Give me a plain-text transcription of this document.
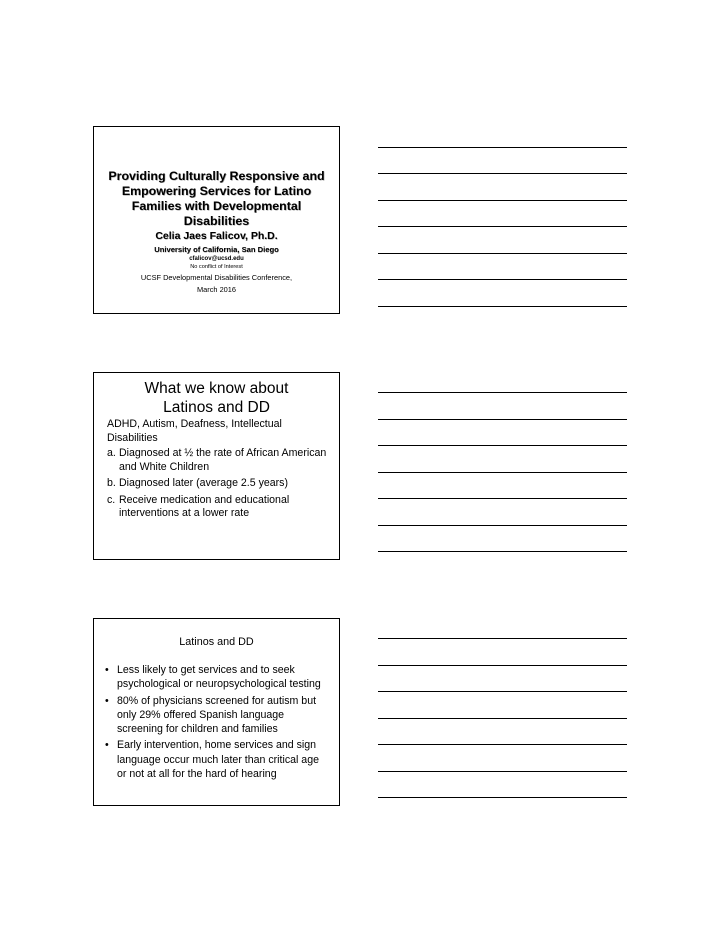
Providing Culturally Responsive and Empowering Services for Latino Families with Developmental Disabilities
Celia Jaes Falicov, Ph.D.
University of California, San Diego
cfalicov@ucsd.edu
No conflict of Interest
UCSF Developmental Disabilities Conference,
March 2016
What we know about
Latinos and DD
ADHD, Autism, Deafness, Intellectual Disabilities
a. Diagnosed at ½ the rate of African American and White Children
b. Diagnosed later (average 2.5 years)
c. Receive medication and educational interventions at a lower rate
Latinos and DD
• Less likely to get services and to seek psychological or neuropsychological testing
• 80% of physicians screened for autism but only 29% offered Spanish language screening for children and families
• Early intervention, home services and sign language occur much later than critical age or not at all for the hard of hearing
